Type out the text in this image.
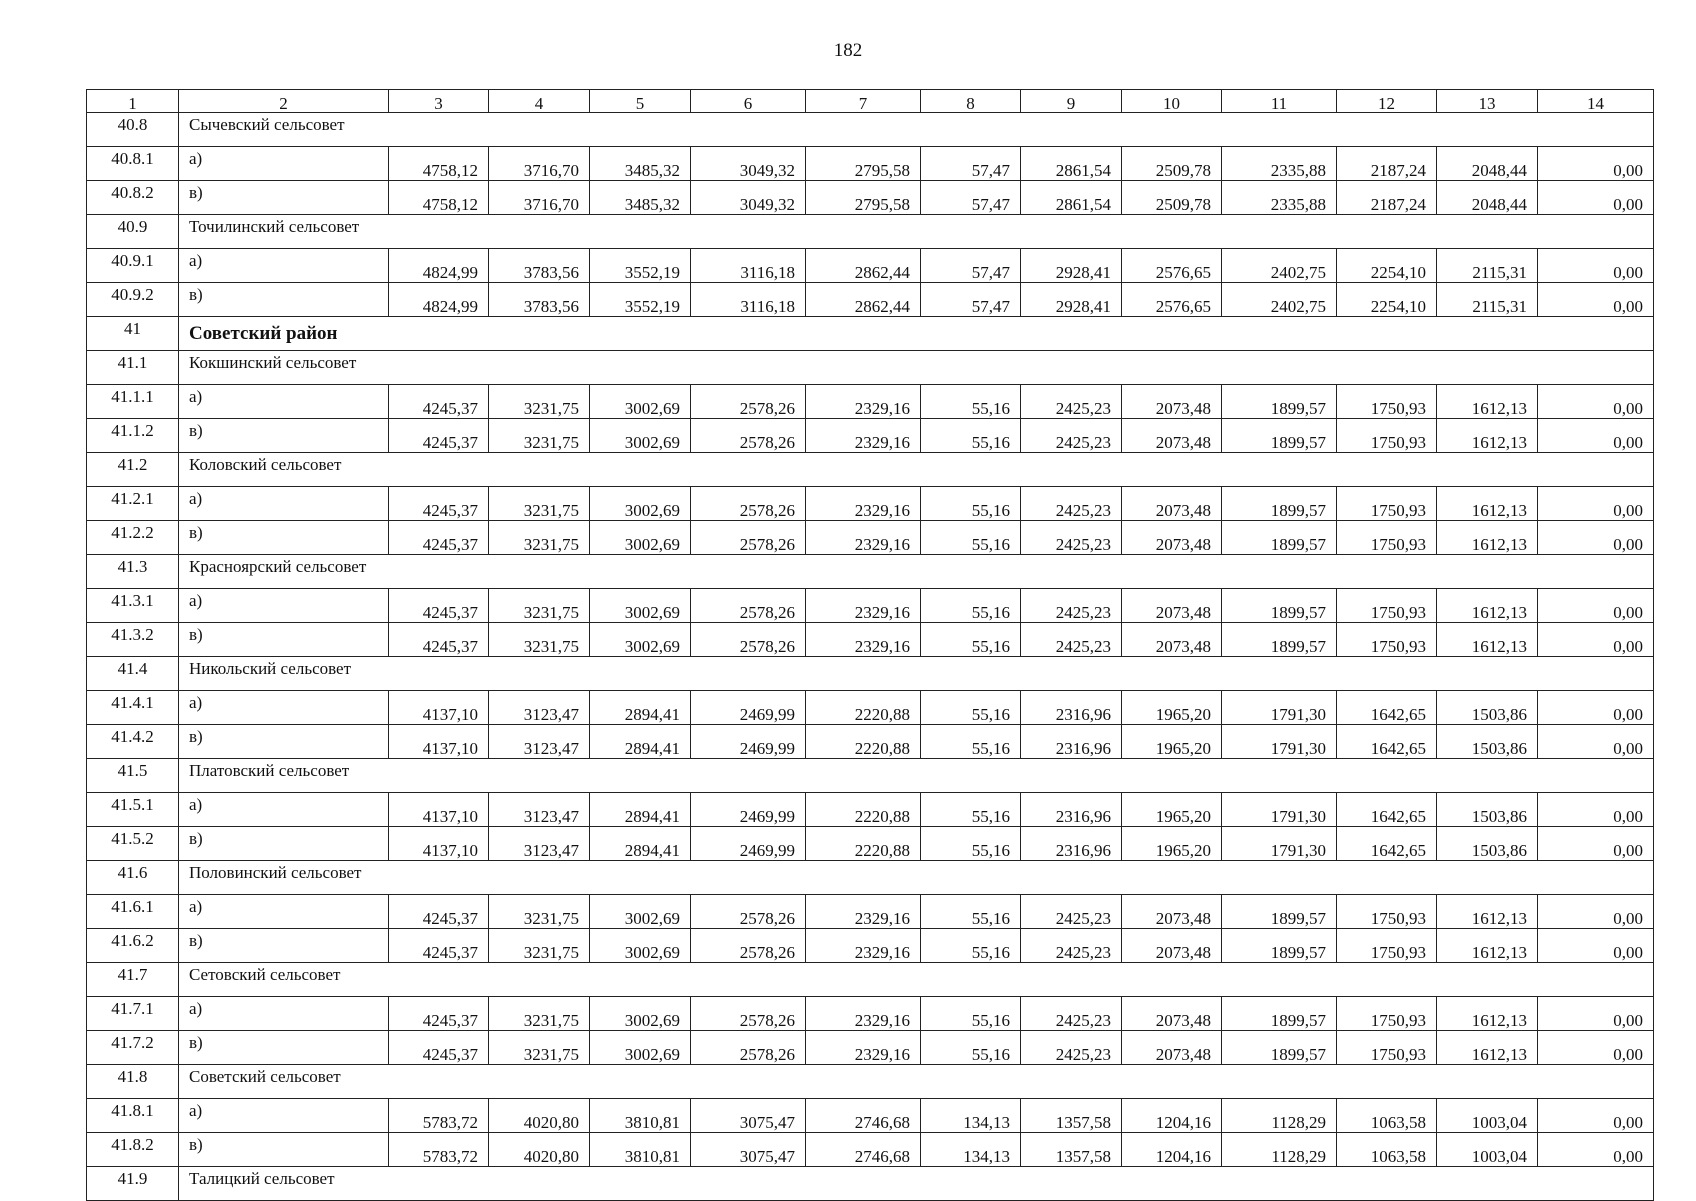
182
1	2	3	4	5	6	7	8	9	10	11	12	13	14
40.8	Сычевский сельсовет												
40.8.1	а)	4758,12	3716,70	3485,32	3049,32	2795,58	57,47	2861,54	2509,78	2335,88	2187,24	2048,44	0,00
40.8.2	в)	4758,12	3716,70	3485,32	3049,32	2795,58	57,47	2861,54	2509,78	2335,88	2187,24	2048,44	0,00
40.9	Точилинский сельсовет												
40.9.1	а)	4824,99	3783,56	3552,19	3116,18	2862,44	57,47	2928,41	2576,65	2402,75	2254,10	2115,31	0,00
40.9.2	в)	4824,99	3783,56	3552,19	3116,18	2862,44	57,47	2928,41	2576,65	2402,75	2254,10	2115,31	0,00
41	Советский район												
41.1	Кокшинский сельсовет												
41.1.1	а)	4245,37	3231,75	3002,69	2578,26	2329,16	55,16	2425,23	2073,48	1899,57	1750,93	1612,13	0,00
41.1.2	в)	4245,37	3231,75	3002,69	2578,26	2329,16	55,16	2425,23	2073,48	1899,57	1750,93	1612,13	0,00
41.2	Коловский сельсовет												
41.2.1	а)	4245,37	3231,75	3002,69	2578,26	2329,16	55,16	2425,23	2073,48	1899,57	1750,93	1612,13	0,00
41.2.2	в)	4245,37	3231,75	3002,69	2578,26	2329,16	55,16	2425,23	2073,48	1899,57	1750,93	1612,13	0,00
41.3	Красноярский сельсовет												
41.3.1	а)	4245,37	3231,75	3002,69	2578,26	2329,16	55,16	2425,23	2073,48	1899,57	1750,93	1612,13	0,00
41.3.2	в)	4245,37	3231,75	3002,69	2578,26	2329,16	55,16	2425,23	2073,48	1899,57	1750,93	1612,13	0,00
41.4	Никольский сельсовет												
41.4.1	а)	4137,10	3123,47	2894,41	2469,99	2220,88	55,16	2316,96	1965,20	1791,30	1642,65	1503,86	0,00
41.4.2	в)	4137,10	3123,47	2894,41	2469,99	2220,88	55,16	2316,96	1965,20	1791,30	1642,65	1503,86	0,00
41.5	Платовский сельсовет												
41.5.1	а)	4137,10	3123,47	2894,41	2469,99	2220,88	55,16	2316,96	1965,20	1791,30	1642,65	1503,86	0,00
41.5.2	в)	4137,10	3123,47	2894,41	2469,99	2220,88	55,16	2316,96	1965,20	1791,30	1642,65	1503,86	0,00
41.6	Половинский сельсовет												
41.6.1	а)	4245,37	3231,75	3002,69	2578,26	2329,16	55,16	2425,23	2073,48	1899,57	1750,93	1612,13	0,00
41.6.2	в)	4245,37	3231,75	3002,69	2578,26	2329,16	55,16	2425,23	2073,48	1899,57	1750,93	1612,13	0,00
41.7	Сетовский сельсовет												
41.7.1	а)	4245,37	3231,75	3002,69	2578,26	2329,16	55,16	2425,23	2073,48	1899,57	1750,93	1612,13	0,00
41.7.2	в)	4245,37	3231,75	3002,69	2578,26	2329,16	55,16	2425,23	2073,48	1899,57	1750,93	1612,13	0,00
41.8	Советский сельсовет												
41.8.1	а)	5783,72	4020,80	3810,81	3075,47	2746,68	134,13	1357,58	1204,16	1128,29	1063,58	1003,04	0,00
41.8.2	в)	5783,72	4020,80	3810,81	3075,47	2746,68	134,13	1357,58	1204,16	1128,29	1063,58	1003,04	0,00
41.9	Талицкий сельсовет												
